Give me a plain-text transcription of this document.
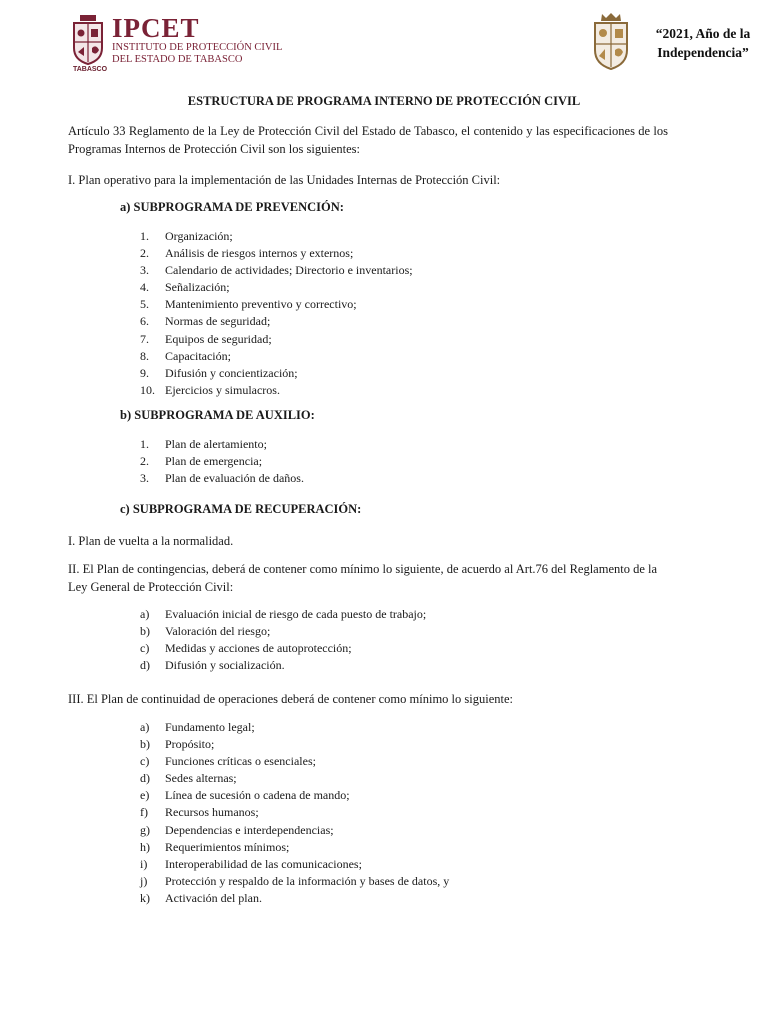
TABASCO
IPCET
INSTITUTO DE PROTECCIÓN CIVIL
DEL ESTADO DE TABASCO
“2021, Año de la
Independencia”
ESTRUCTURA DE PROGRAMA INTERNO DE PROTECCIÓN CIVIL
Artículo 33 Reglamento de la Ley de Protección Civil del Estado de Tabasco, el contenido y las especificaciones de los Programas Internos de Protección Civil son los siguientes:
I. Plan operativo para la implementación de las Unidades Internas de Protección Civil:
a) SUBPROGRAMA DE PREVENCIÓN:
1. Organización;
2. Análisis de riesgos internos y externos;
3. Calendario de actividades; Directorio e inventarios;
4. Señalización;
5. Mantenimiento preventivo y correctivo;
6. Normas de seguridad;
7. Equipos de seguridad;
8. Capacitación;
9. Difusión y concientización;
10. Ejercicios y simulacros.
b) SUBPROGRAMA DE AUXILIO:
1. Plan de alertamiento;
2. Plan de emergencia;
3. Plan de evaluación de daños.
c) SUBPROGRAMA DE RECUPERACIÓN:
I. Plan de vuelta a la normalidad.
II. El Plan de contingencias, deberá de contener como mínimo lo siguiente, de acuerdo al Art.76 del Reglamento de la Ley General de Protección Civil:
a) Evaluación inicial de riesgo de cada puesto de trabajo;
b) Valoración del riesgo;
c) Medidas y acciones de autoprotección;
d) Difusión y socialización.
III. El Plan de continuidad de operaciones deberá de contener como mínimo lo siguiente:
a) Fundamento legal;
b) Propósito;
c) Funciones críticas o esenciales;
d) Sedes alternas;
e) Línea de sucesión o cadena de mando;
f) Recursos humanos;
g) Dependencias e interdependencias;
h) Requerimientos mínimos;
i) Interoperabilidad de las comunicaciones;
j) Protección y respaldo de la información y bases de datos, y
k) Activación del plan.
